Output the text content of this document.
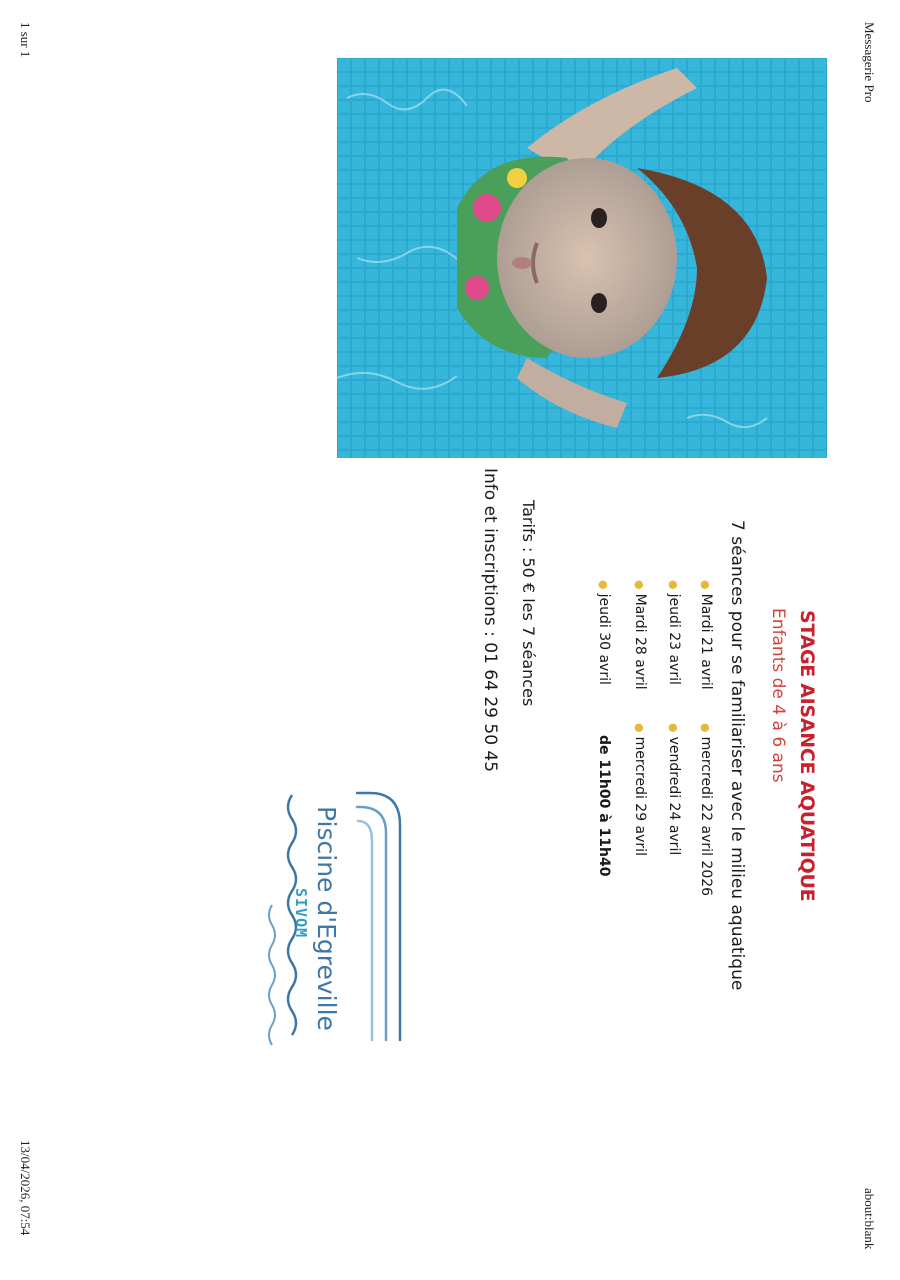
Messagerie Pro
about:blank
1 sur 1
13/04/2026, 07:54
STAGE AISANCE AQUATIQUE
Enfants de 4 à 6 ans
7 séances pour se familiariser avec le milieu aquatique
●Mardi 21 avril
●mercredi 22 avril 2026
●jeudi 23 avril
●vendredi 24 avril
●Mardi 28 avril
●mercredi 29 avril
●jeudi 30 avril
de 11h00 à 11h40
Tarifs : 50 € les 7 séances
Info et inscriptions : 01 64 29 50 45
Piscine d'Egreville
SIVOM
